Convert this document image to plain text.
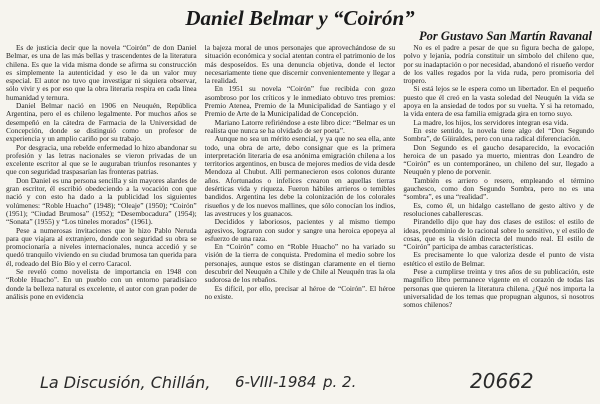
Daniel Belmar y “Coirón”
Por Gustavo San Martín Ravanal

Es de justicia decir que la novela “Coirón” de don Daniel Belmar, es una de las más bellas y trascendentes de la literatura chilena. Es que la vida misma donde se afirma su construcción es simplemente la autenticidad y eso le da un valor muy especial. El autor no tuvo que investigar ni siquiera observar, sólo vivir y es por eso que la obra literaria respira en cada línea humanidad y ternura.

Daniel Belmar nació en 1906 en Neuquén, República Argentina, pero el es chileno legalmente. Por muchos años se desempeñó en la cátedra de Farmacia de la Universidad de Concepción, donde se distinguió como un profesor de experiencia y un amplio cariño por su trabajo.

Por desgracia, una rebelde enfermedad lo hizo abandonar su profesión y las letras nacionales se vieron privadas de un excelente escritor al que se le auguraban triunfos resonantes y que con seguridad traspasarían las fronteras patrias.

Don Daniel es una persona sencilla y sin mayores alardes de gran escritor, él escribió obedeciendo a la vocación con que nació y con esto ha dado a la publicidad los siguientes volúmenes: “Roble Huacho” (1948); “Oleaje” (1950); “Coirón” (1951); “Ciudad Brumosa” (1952); “Desembocadura” (1954); “Sonata” (1955) y “Los túneles morados” (1961).

Pese a numerosas invitaciones que le hizo Pablo Neruda para que viajara al extranjero, donde con seguridad su obra se promocionaría a niveles internacionales, nunca accedió y se quedó tranquilo viviendo en su ciudad brumosa tan querida para él, rodeado del Bío Bío y el cerro Caracol.

Se reveló como novelista de importancia en 1948 con “Roble Huacho”. En un pueblo con un entorno paradisíaco donde la belleza natural es excelente, el autor con gran poder de análisis pone en evidencia

la bajeza moral de unos personajes que aprovechándose de su situación económica y social atentan contra el patrimonio de los más desposeídos. Es una denuncia objetiva, donde el lector necesariamente tiene que discernir convenientemente y llegar a la realidad.

En 1951 su novela “Coirón” fue recibida con gozo asombroso por los críticos y le inmediato obtuvo tres premios: Premio Atenea, Premio de la Municipalidad de Santiago y el Premio de Arte de la Municipalidad de Concepción.

Mariano Latorre refiriéndose a este libro dice: “Belmar es un realista que nunca se ha olvidado de ser poeta”.

Aunque no sea un mérito esencial, y ya que no sea ella, ante todo, una obra de arte, debo consignar que es la primera interpretación literaria de esa anónima emigración chilena a los territorios argentinos, en busca de mejores medios de vida desde Mendoza al Chubut. Allí permanecieron esos colonos durante años. Afortunados o infelices crearon en aquellas tierras desérticas vida y riqueza. Fueron hábiles arrieros o temibles bandidos. Argentina les debe la colonización de los colorales risueños y de los nuevos mallines, que sólo conocían los indios, las avestruces y los guanacos.

Decididos y laboriosos, pacientes y al mismo tiempo agresivos, lograron con sudor y sangre una heroica epopeya al esfuerzo de una raza.

En “Coirón” como en “Roble Huacho” no ha variado su visión de la tierra de conquista. Predomina el medio sobre los personajes, aunque estos se distingan claramente en el tierno descubrir del Neuquén a Chile y de Chile al Neuquén tras la ola sudorosa de los rebaños.

Es difícil, por ello, precisar al héroe de “Coirón”. El héroe no existe.

No es el padre a pesar de que su figura becha de galope, polvo y lejanía, podría constituir un símbolo del chileno que, por su inadaptación o por necesidad, abandonó el risueño verdor de los valles regados por la vida ruda, pero promisoria del tropero.

Si está lejos se le espera como un libertador. En el pequeño puesto que él creó en la vasta soledad del Neuquén la vida se apoya en la ansiedad de todos por su vuelta. Y si ha retornado, la vida entera de esa familia emigrada gira en torno suyo.

La madre, los hijos, los servidores integran esa vida.

En este sentido, la novela tiene algo del “Don Segundo Sombra”, de Güiraldes, pero con una radical diferenciación.

Don Segundo es el gaucho desaparecido, la evocación heroica de un pasado ya muerto, mientras don Leandro de “Coirón” es un contemporáneo, un chileno del sur, llegado a Neuquén y pleno de porvenir.

También es arriero o resero, empleando el término gauchesco, como don Segundo Sombra, pero no es una “sombra”, es una “realidad”.

Es, como él, un hidalgo castellano de gesto altivo y de resoluciones caballerescas.

Pirandello dijo que hay dos clases de estilos: el estilo de ideas, predominio de lo racional sobre lo sensitivo, y el estilo de cosas, que es la visión directa del mundo real. El estilo de “Coirón” participa de ambas características.

Es precisamente lo que valoriza desde el punto de vista estético el estilo de Belmar.

Pese a cumplirse treinta y tres años de su publicación, este magnífico libro permanece vigente en el corazón de todas las personas que quieren la literatura chilena. ¿Qué nos importa la universalidad de los temas que propugnan algunos, si nosotros somos chilenos?

La Discusión, Chillán, 6-VIII-1984 p. 2.	20662
